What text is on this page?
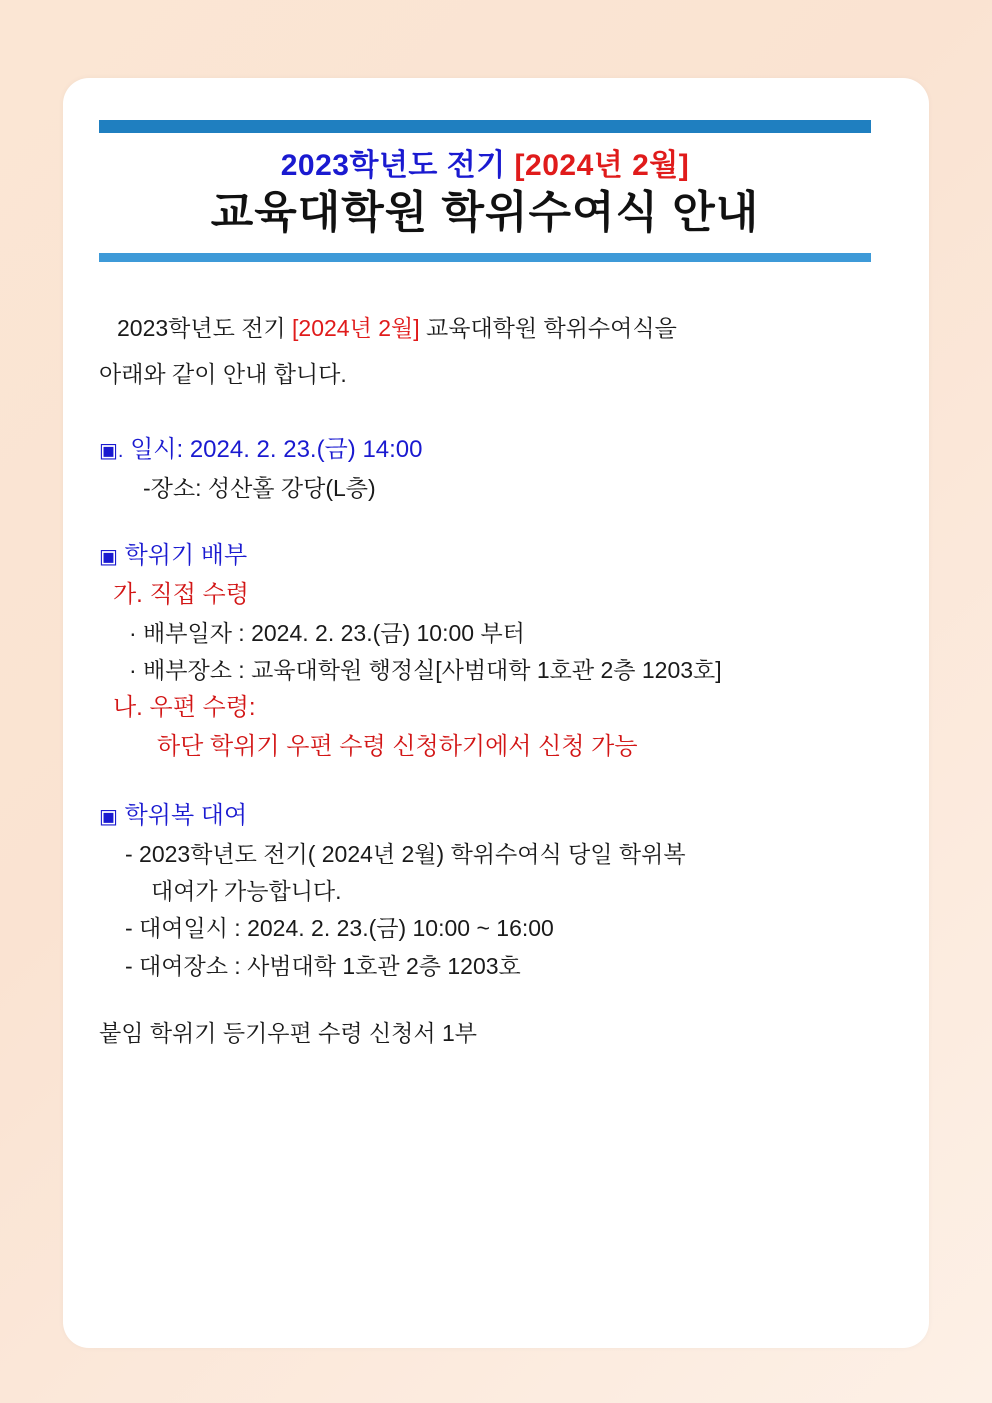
2023학년도 전기 [2024년 2월]
교육대학원 학위수여식 안내
2023학년도 전기 [2024년 2월] 교육대학원 학위수여식을
아래와 같이 안내 합니다.
▣. 일시: 2024. 2. 23.(금) 14:00
-장소: 성산홀 강당(L층)
▣ 학위기 배부
가. 직접 수령
· 배부일자 : 2024. 2. 23.(금) 10:00 부터
· 배부장소 : 교육대학원 행정실[사범대학 1호관 2층 1203호]
나. 우편 수령:
하단 학위기 우편 수령 신청하기에서 신청 가능
▣ 학위복 대여
- 2023학년도 전기( 2024년 2월) 학위수여식 당일 학위복
대여가 가능합니다.
- 대여일시 : 2024. 2. 23.(금) 10:00 ~ 16:00
- 대여장소 : 사범대학 1호관 2층 1203호
붙임 학위기 등기우편 수령 신청서 1부
